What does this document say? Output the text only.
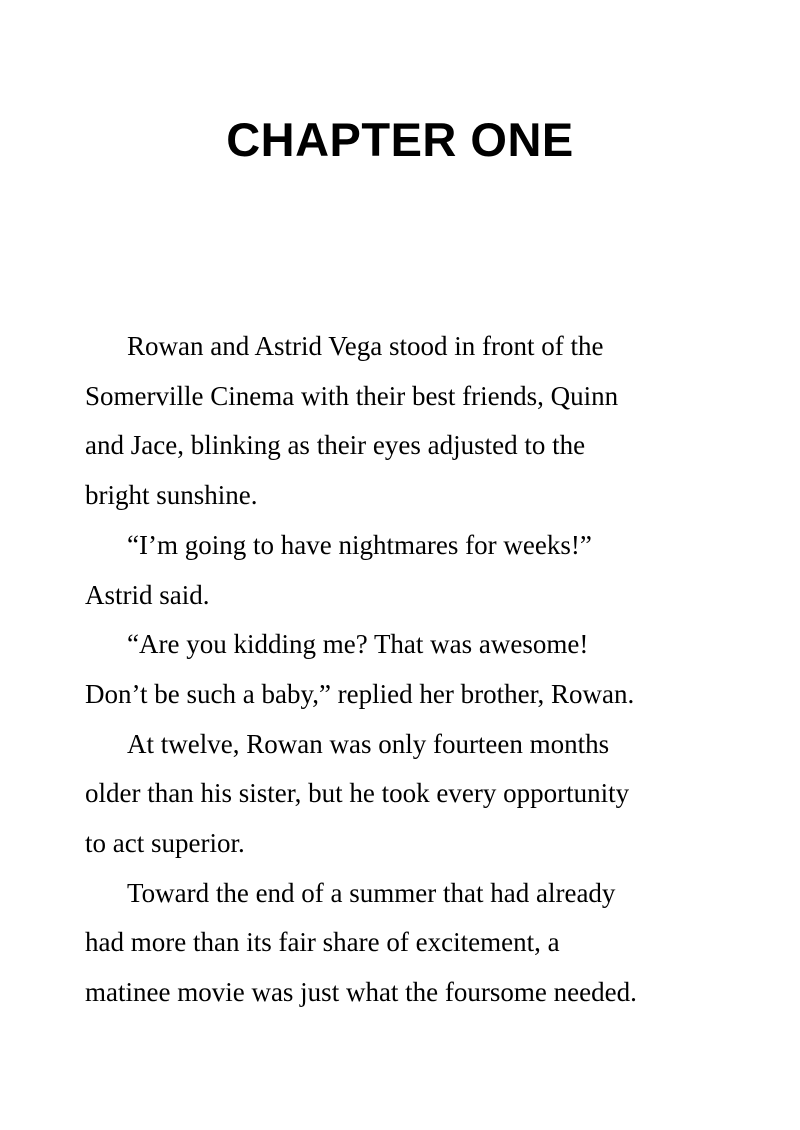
CHAPTER ONE

Rowan and Astrid Vega stood in front of the
Somerville Cinema with their best friends, Quinn
and Jace, blinking as their eyes adjusted to the
bright sunshine.

“I’m going to have nightmares for weeks!”
Astrid said.

“Are you kidding me? That was awesome!
Don’t be such a baby,” replied her brother, Rowan.

At twelve, Rowan was only fourteen months
older than his sister, but he took every opportunity
to act superior.

Toward the end of a summer that had already
had more than its fair share of excitement, a
matinee movie was just what the foursome needed.
